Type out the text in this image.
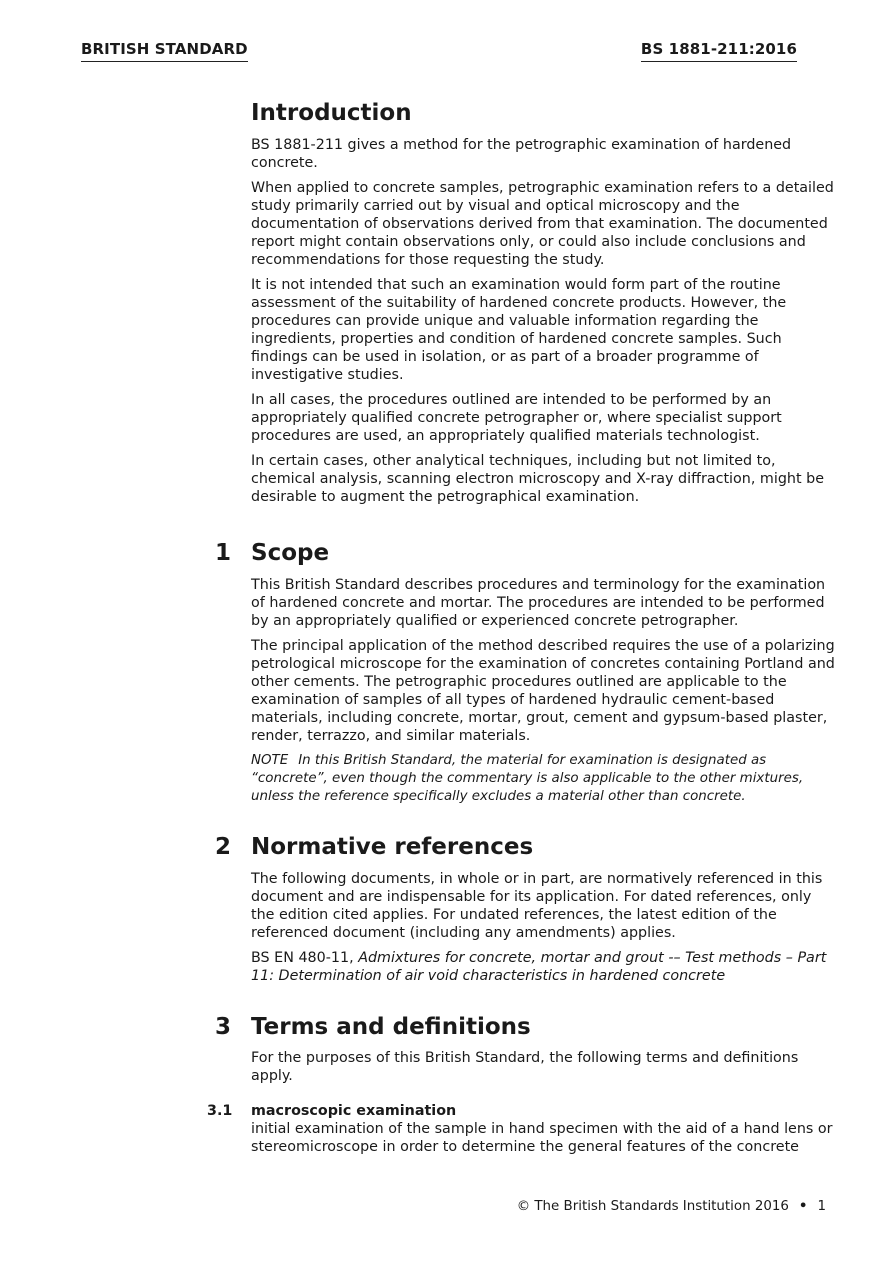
BRITISH STANDARD	BS 1881-211:2016
Introduction

BS 1881-211 gives a method for the petrographic examination of hardened concrete.

When applied to concrete samples, petrographic examination refers to a detailed study primarily carried out by visual and optical microscopy and the documentation of observations derived from that examination. The documented report might contain observations only, or could also include conclusions and recommendations for those requesting the study.

It is not intended that such an examination would form part of the routine assessment of the suitability of hardened concrete products. However, the procedures can provide unique and valuable information regarding the ingredients, properties and condition of hardened concrete samples. Such findings can be used in isolation, or as part of a broader programme of investigative studies.

In all cases, the procedures outlined are intended to be performed by an appropriately qualified concrete petrographer or, where specialist support procedures are used, an appropriately qualified materials technologist.

In certain cases, other analytical techniques, including but not limited to, chemical analysis, scanning electron microscopy and X-ray diffraction, might be desirable to augment the petrographical examination.

1 Scope

This British Standard describes procedures and terminology for the examination of hardened concrete and mortar. The procedures are intended to be performed by an appropriately qualified or experienced concrete petrographer.

The principal application of the method described requires the use of a polarizing petrological microscope for the examination of concretes containing Portland and other cements. The petrographic procedures outlined are applicable to the examination of samples of all types of hardened hydraulic cement-based materials, including concrete, mortar, grout, cement and gypsum-based plaster, render, terrazzo, and similar materials.

NOTE In this British Standard, the material for examination is designated as “concrete”, even though the commentary is also applicable to the other mixtures, unless the reference specifically excludes a material other than concrete.

2 Normative references

The following documents, in whole or in part, are normatively referenced in this document and are indispensable for its application. For dated references, only the edition cited applies. For undated references, the latest edition of the referenced document (including any amendments) applies.

BS EN 480-11, Admixtures for concrete, mortar and grout -– Test methods – Part 11: Determination of air void characteristics in hardened concrete

3 Terms and definitions

For the purposes of this British Standard, the following terms and definitions apply.

3.1 macroscopic examination

initial examination of the sample in hand specimen with the aid of a hand lens or stereomicroscope in order to determine the general features of the concrete

© The British Standards Institution 2016 • 1
